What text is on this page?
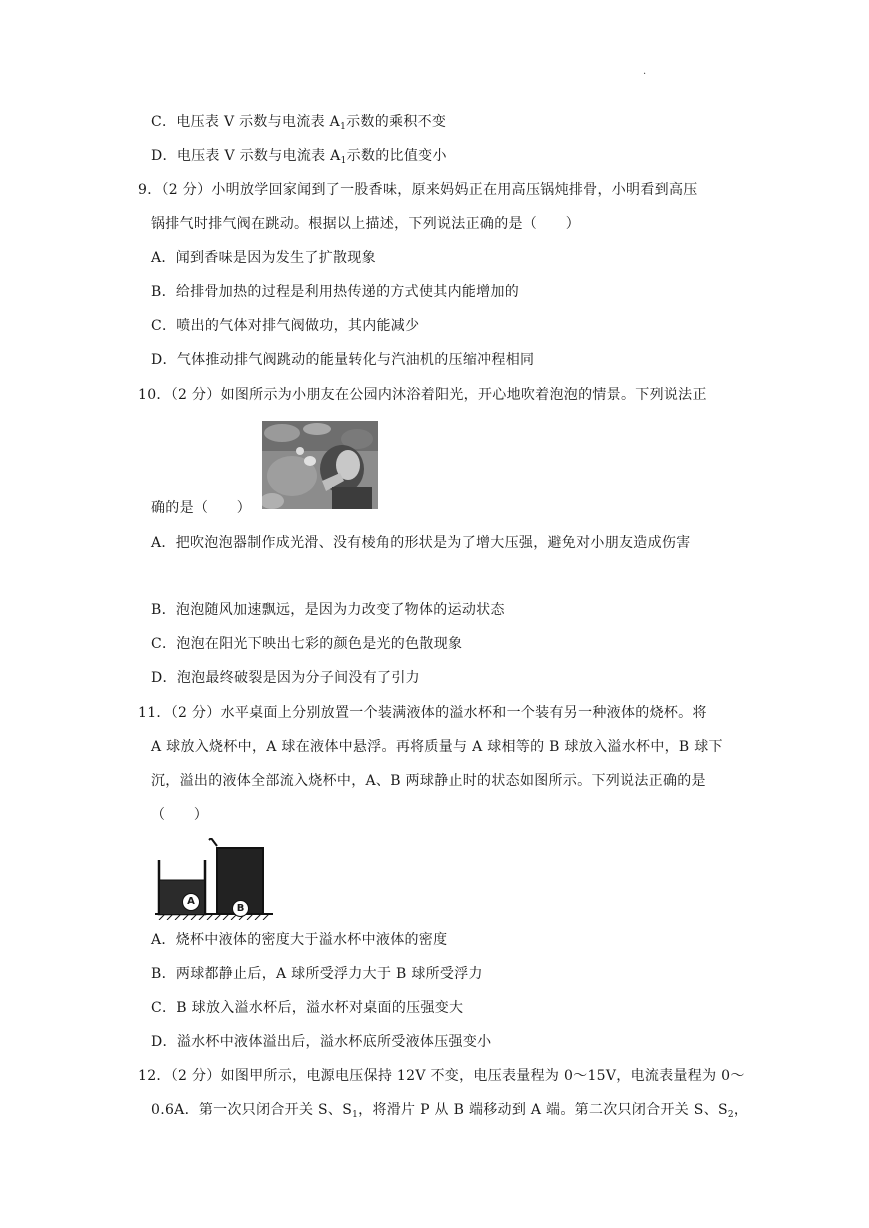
.
C．电压表 V 示数与电流表 $A_1$示数的乘积不变
D．电压表 V 示数与电流表 $A_1$示数的比值变小
9．（2 分）小明放学回家闻到了一股香味，原来妈妈正在用高压锅炖排骨，小明看到高压
锅排气时排气阀在跳动。根据以上描述，下列说法正确的是（　　）
A．闻到香味是因为发生了扩散现象
B．给排骨加热的过程是利用热传递的方式使其内能增加的
C．喷出的气体对排气阀做功，其内能减少
D．气体推动排气阀跳动的能量转化与汽油机的压缩冲程相同
10．（2 分）如图所示为小朋友在公园内沐浴着阳光，开心地吹着泡泡的情景。下列说法正
确的是（　　）
A．把吹泡泡器制作成光滑、没有棱角的形状是为了增大压强，避免对小朋友造成伤害
B．泡泡随风加速飘远，是因为力改变了物体的运动状态
C．泡泡在阳光下映出七彩的颜色是光的色散现象
D．泡泡最终破裂是因为分子间没有了引力
11．（2 分）水平桌面上分别放置一个装满液体的溢水杯和一个装有另一种液体的烧杯。将
A 球放入烧杯中，A 球在液体中悬浮。再将质量与 A 球相等的 B 球放入溢水杯中，B 球下
沉，溢出的液体全部流入烧杯中，A、B 两球静止时的状态如图所示。下列说法正确的是
（　　）
A
B
A．烧杯中液体的密度大于溢水杯中液体的密度
B．两球都静止后，A 球所受浮力大于 B 球所受浮力
C．B 球放入溢水杯后，溢水杯对桌面的压强变大
D．溢水杯中液体溢出后，溢水杯底所受液体压强变小
12．（2 分）如图甲所示，电源电压保持 12V 不变，电压表量程为 0～15V，电流表量程为 0～
0.6A．第一次只闭合开关 S、$S_1$，将滑片 P 从 B 端移动到 A 端。第二次只闭合开关 S、$S_2$，
